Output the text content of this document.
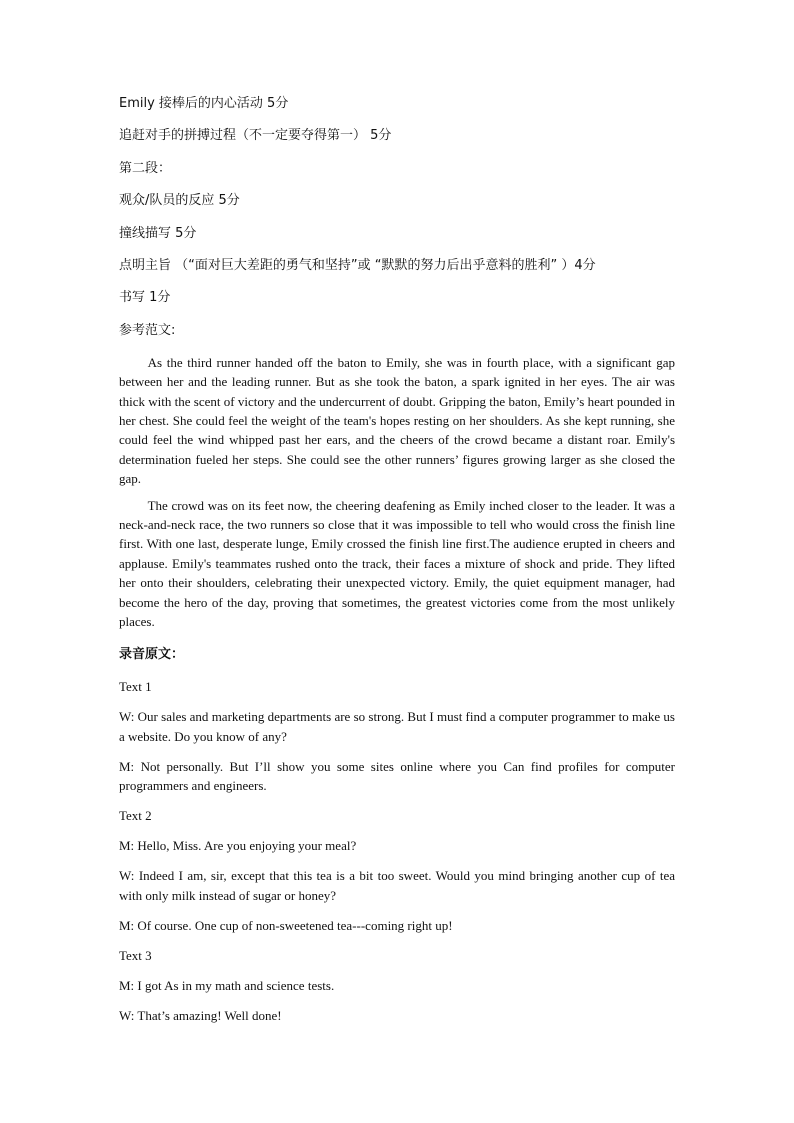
Emily 接棒后的内心活动 5分
追赶对手的拼搏过程（不一定要夺得第一） 5分
第二段：
观众/队员的反应 5分
撞线描写 5分
点明主旨 （“面对巨大差距的勇气和坚持”或 “默默的努力后出乎意料的胜利” ）4分
书写 1分
参考范文:

As the third runner handed off the baton to Emily, she was in fourth place, with a significant gap between her and the leading runner. But as she took the baton, a spark ignited in her eyes. The air was thick with the scent of victory and the undercurrent of doubt. Gripping the baton, Emily’s heart pounded in her chest. She could feel the weight of the team's hopes resting on her shoulders. As she kept running, she could feel the wind whipped past her ears, and the cheers of the crowd became a distant roar. Emily's determination fueled her steps. She could see the other runners’ figures growing larger as she closed the gap.

The crowd was on its feet now, the cheering deafening as Emily inched closer to the leader. It was a neck-and-neck race, the two runners so close that it was impossible to tell who would cross the finish line first. With one last, desperate lunge, Emily crossed the finish line first.The audience erupted in cheers and applause. Emily's teammates rushed onto the track, their faces a mixture of shock and pride. They lifted her onto their shoulders, celebrating their unexpected victory. Emily, the quiet equipment manager, had become the hero of the day, proving that sometimes, the greatest victories come from the most unlikely places.

录音原文：
Text 1

W: Our sales and marketing departments are so strong. But I must find a computer programmer to make us a website. Do you know of any?

M: Not personally. But I’ll show you some sites online where you Can find profiles for computer programmers and engineers.

Text 2

M: Hello, Miss. Are you enjoying your meal?

W: Indeed I am, sir, except that this tea is a bit too sweet. Would you mind bringing another cup of tea with only milk instead of sugar or honey?

M: Of course. One cup of non-sweetened tea---coming right up!

Text 3

M: I got As in my math and science tests.

W: That’s amazing! Well done!
